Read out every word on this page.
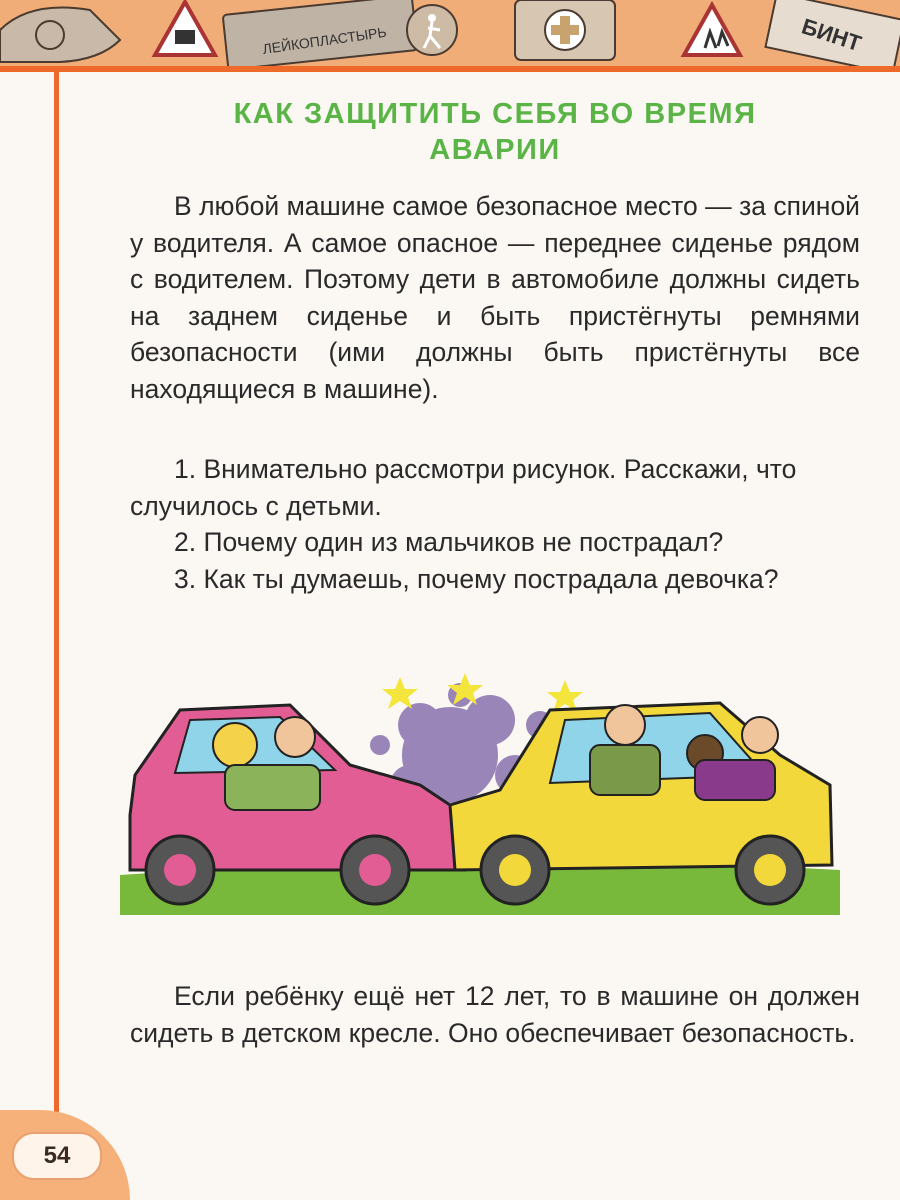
ЛЕЙКОПЛАСТЫРЬ	БИНТ
КАК ЗАЩИТИТЬ СЕБЯ ВО ВРЕМЯ
АВАРИИ

В любой машине самое безопасное место — за спиной у водителя. А самое опасное — переднее сиденье рядом с водителем. Поэтому дети в автомобиле должны сидеть на заднем сиденье и быть пристёгнуты ремнями безопасности (ими должны быть пристёгнуты все находящиеся в машине).

1. Внимательно рассмотри рисунок. Расскажи, что случилось с детьми.

2. Почему один из мальчиков не пострадал?

3. Как ты думаешь, почему пострадала девочка?

Если ребёнку ещё нет 12 лет, то в машине он должен сидеть в детском кресле. Оно обеспечивает безопасность.

54
